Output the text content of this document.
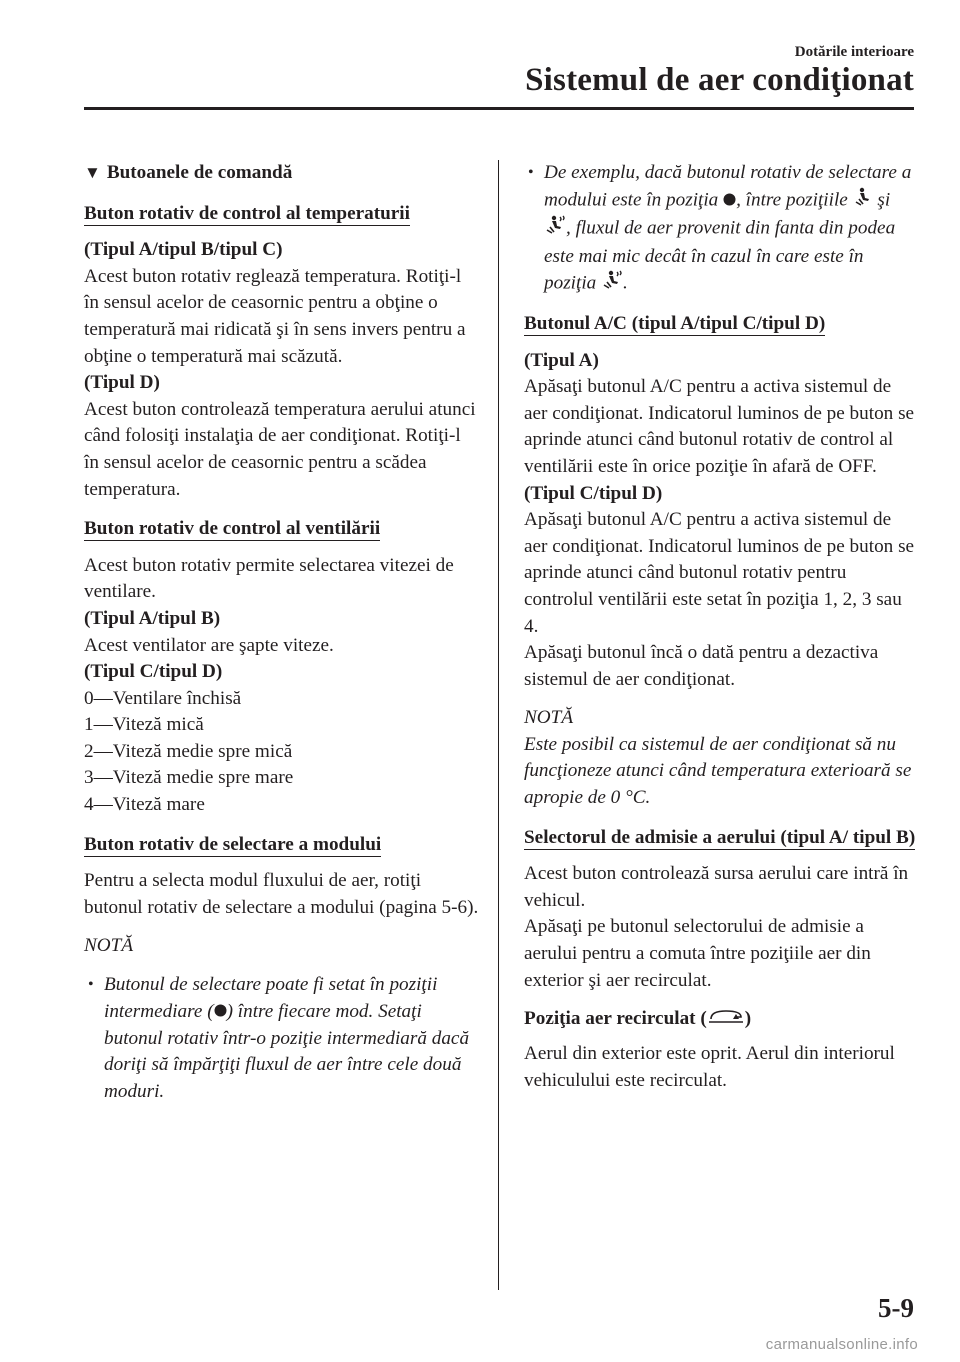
Dotările interioare
Sistemul de aer condiţionat

▼ Butoanele de comandă

Buton rotativ de control al temperaturii

(Tipul A/tipul B/tipul C)

Acest buton rotativ reglează temperatura. Rotiţi-l în sensul acelor de ceasornic pentru a obţine o temperatură mai ridicată şi în sens invers pentru a obţine o temperatură mai scăzută.

(Tipul D)

Acest buton controlează temperatura aerului atunci când folosiţi instalaţia de aer condiţionat. Rotiţi-l în sensul acelor de ceasornic pentru a scădea temperatura.

Buton rotativ de control al ventilării

Acest buton rotativ permite selectarea vitezei de ventilare.

(Tipul A/tipul B)

Acest ventilator are şapte viteze.

(Tipul C/tipul D)

0―Ventilare închisă

1―Viteză mică

2―Viteză medie spre mică

3―Viteză medie spre mare

4―Viteză mare

Buton rotativ de selectare a modului

Pentru a selecta modul fluxului de aer, rotiţi butonul rotativ de selectare a modului (pagina 5-6).

NOTĂ

• Butonul de selectare poate fi setat în poziţii intermediare ( ) între fiecare mod. Setaţi butonul rotativ într-o poziţie intermediară dacă doriţi să împărţiţi fluxul de aer între cele două moduri.

• De exemplu, dacă butonul rotativ de selectare a modului este în poziţia , între poziţiile  şi , fluxul de aer provenit din fanta din podea este mai mic decât în cazul în care este în poziţia .

Butonul A/C (tipul A/tipul C/tipul D)

(Tipul A)

Apăsaţi butonul A/C pentru a activa sistemul de aer condiţionat. Indicatorul luminos de pe buton se aprinde atunci când butonul rotativ de control al ventilării este în orice poziţie în afară de OFF.

(Tipul C/tipul D)

Apăsaţi butonul A/C pentru a activa sistemul de aer condiţionat. Indicatorul luminos de pe buton se aprinde atunci când butonul rotativ pentru controlul ventilării este setat în poziţia 1, 2, 3 sau 4.

Apăsaţi butonul încă o dată pentru a dezactiva sistemul de aer condiţionat.

NOTĂ

Este posibil ca sistemul de aer condiţionat să nu funcţioneze atunci când temperatura exterioară se apropie de 0 °C.

Selectorul de admisie a aerului (tipul A/ tipul B)

Acest buton controlează sursa aerului care intră în vehicul.

Apăsaţi pe butonul selectorului de admisie a aerului pentru a comuta între poziţiile aer din exterior şi aer recirculat.

Poziţia aer recirculat ( )

Aerul din exterior este oprit. Aerul din interiorul vehiculului este recirculat.

5-9
carmanualsonline.info
